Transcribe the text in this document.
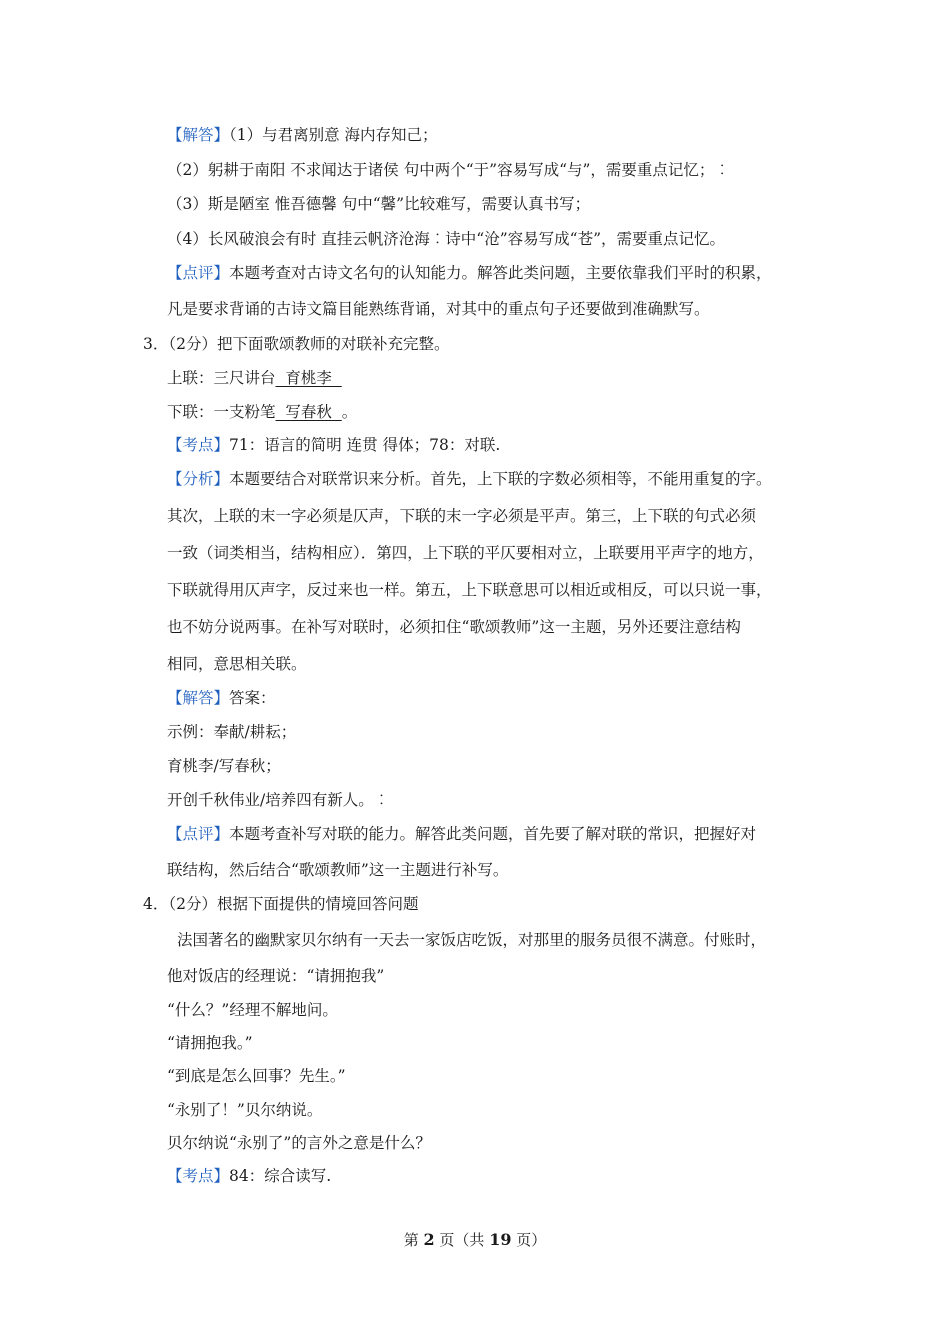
【解答】（1）与君离别意 海内存知己；
（2）躬耕于南阳 不求闻达于诸侯 句中两个“于”容易写成“与”，需要重点记忆；︰
（3）斯是陋室 惟吾德馨 句中“馨”比较难写，需要认真书写；
（4）长风破浪会有时 直挂云帆济沧海︰诗中“沧”容易写成“苍”，需要重点记忆。
【点评】本题考查对古诗文名句的认知能力。解答此类问题，主要依靠我们平时的积累，
凡是要求背诵的古诗文篇目能熟练背诵，对其中的重点句子还要做到准确默写。
3．（2分）把下面歌颂教师的对联补充完整。
上联：三尺讲台  育桃李
下联：一支粉笔  写春秋  。
【考点】71：语言的简明 连贯 得体；78：对联.
【分析】本题要结合对联常识来分析。首先，上下联的字数必须相等，不能用重复的字。
其次，上联的末一字必须是仄声，下联的末一字必须是平声。第三，上下联的句式必须
一致（词类相当，结构相应）．第四，上下联的平仄要相对立，上联要用平声字的地方，
下联就得用仄声字，反过来也一样。第五，上下联意思可以相近或相反，可以只说一事，
也不妨分说两事。在补写对联时，必须扣住“歌颂教师”这一主题，另外还要注意结构
相同，意思相关联。
【解答】答案：
示例：奉献/耕耘；
育桃李/写春秋；
开创千秋伟业/培养四有新人。︰
【点评】本题考查补写对联的能力。解答此类问题，首先要了解对联的常识，把握好对
联结构，然后结合“歌颂教师”这一主题进行补写。
4．（2分）根据下面提供的情境回答问题
法国著名的幽默家贝尔纳有一天去一家饭店吃饭，对那里的服务员很不满意。付账时，
他对饭店的经理说：“请拥抱我”
“什么？”经理不解地问。
“请拥抱我。”
“到底是怎么回事？先生。”
“永别了！”贝尔纳说。
贝尔纳说“永别了”的言外之意是什么？
【考点】84：综合读写.
第 2 页（共 19 页）
